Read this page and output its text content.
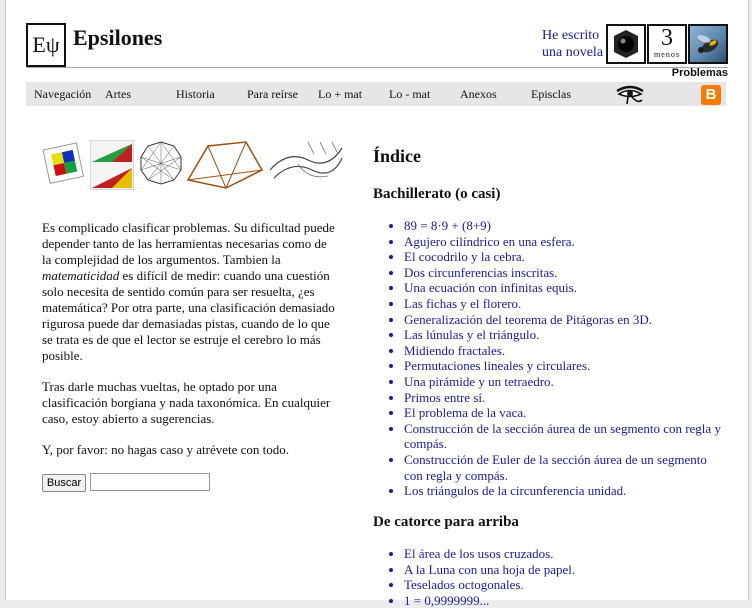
Eψ Epsilones	He escrito una novela
3
menos
Problemas
Navegación Artes	Historia	Para reírse Lo + mat Lo - mat Anexos	Episclas	B

Es complicado clasificar problemas. Su dificultad puede depender tanto de las herramientas necesarias como de la complejidad de los argumentos. Tambien la matematicidad es difícil de medir: cuando una cuestión solo necesita de sentido común para ser resuelta, ¿es matemática? Por otra parte, una clasificación demasiado rigurosa puede dar demasiadas pistas, cuando de lo que se trata es de que el lector se estruje el cerebro lo más posible.

Tras darle muchas vueltas, he optado por una clasificación borgiana y nada taxonómica. En cualquier caso, estoy abierto a sugerencias.

Y, por favor: no hagas caso y atrévete con todo.

Buscar
Índice
Bachillerato (o casi)
• 89 = 8·9 + (8+9)
• Agujero cilíndrico en una esfera.
• El cocodrilo y la cebra.
• Dos circunferencias inscritas.
• Una ecuación con infinitas equis.
• Las fichas y el florero.
• Generalización del teorema de Pitágoras en 3D.
• Las lúnulas y el triángulo.
• Midiendo fractales.
• Permutaciones lineales y circulares.
• Una pirámide y un tetraedro.
• Primos entre sí.
• El problema de la vaca.
• Construcción de la sección áurea de un segmento con regla y compás.
• Construcción de Euler de la sección áurea de un segmento con regla y compás.
• Los triángulos de la circunferencia unidad.
De catorce para arriba
• El área de los usos cruzados.
• A la Luna con una hoja de papel.
• Teselados octogonales.
• 1 = 0,9999999...
